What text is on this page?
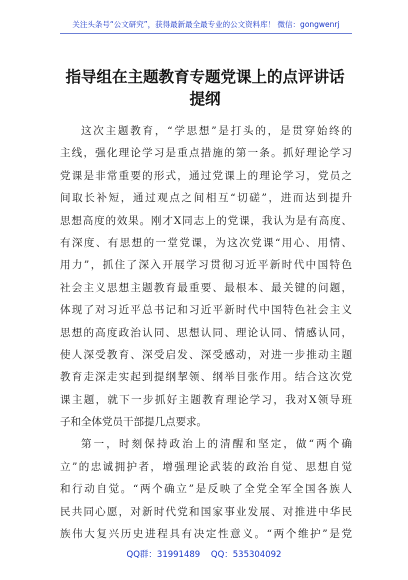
关注头条号“公文研究”，获得最新最全最专业的公文资料库！ 微信：gongwenrj
指导组在主题教育专题党课上的点评讲话
提纲
这次主题教育，“学思想”是打头的，是贯穿始终的
主线，强化理论学习是重点措施的第一条。抓好理论学习
党课是非常重要的形式，通过党课上的理论学习，党员之
间取长补短，通过观点之间相互“切磋”，进而达到提升
思想高度的效果。刚才X同志上的党课，我认为是有高度、
有深度、有思想的一堂党课，为这次党课“用心、用情、
用力”，抓住了深入开展学习贯彻习近平新时代中国特色
社会主义思想主题教育最重要、最根本、最关键的问题，
体现了对习近平总书记和习近平新时代中国特色社会主义
思想的高度政治认同、思想认同、理论认同、情感认同，
使人深受教育、深受启发、深受感动，对进一步推动主题
教育走深走实起到提纲挈领、纲举目张作用。结合这次党
课主题，就下一步抓好主题教育理论学习，我对X领导班
子和全体党员干部提几点要求。
第一，时刻保持政治上的清醒和坚定，做“两个确
立”的忠诚拥护者，增强理论武装的政治自觉、思想自觉
和行动自觉。“两个确立”是反映了全党全军全国各族人
民共同心愿，对新时代党和国家事业发展、对推进中华民
族伟大复兴历史进程具有决定性意义。“两个维护”是党
QQ群：31991489 QQ：535304092
